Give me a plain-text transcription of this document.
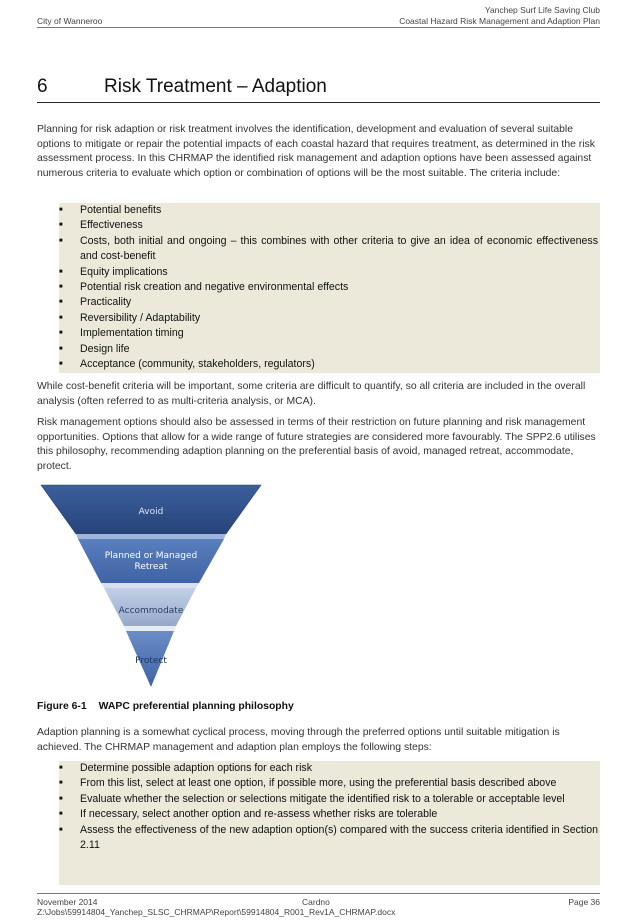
City of Wanneroo
Yanchep Surf Life Saving Club
Coastal Hazard Risk Management and Adaption Plan
6	Risk Treatment – Adaption
Planning for risk adaption or risk treatment involves the identification, development and evaluation of several suitable options to mitigate or repair the potential impacts of each coastal hazard that requires treatment, as determined in the risk assessment process. In this CHRMAP the identified risk management and adaption options have been assessed against numerous criteria to evaluate which option or combination of options will be the most suitable. The criteria include:
■ Potential benefits
■ Effectiveness
■ Costs, both initial and ongoing – this combines with other criteria to give an idea of economic effectiveness and cost-benefit
■ Equity implications
■ Potential risk creation and negative environmental effects
■ Practicality
■ Reversibility / Adaptability
■ Implementation timing
■ Design life
■ Acceptance (community, stakeholders, regulators)
While cost-benefit criteria will be important, some criteria are difficult to quantify, so all criteria are included in the overall analysis (often referred to as multi-criteria analysis, or MCA).
Risk management options should also be assessed in terms of their restriction on future planning and risk management opportunities. Options that allow for a wide range of future strategies are considered more favourably. The SPP2.6 utilises this philosophy, recommending adaption planning on the preferential basis of avoid, managed retreat, accommodate, protect.
Avoid
Planned or Managed
Retreat
Accommodate
Protect
Figure 6-1 WAPC preferential planning philosophy
Adaption planning is a somewhat cyclical process, moving through the preferred options until suitable mitigation is achieved. The CHRMAP management and adaption plan employs the following steps:
■ Determine possible adaption options for each risk
■ From this list, select at least one option, if possible more, using the preferential basis described above
■ Evaluate whether the selection or selections mitigate the identified risk to a tolerable or acceptable level
■ If necessary, select another option and re-assess whether risks are tolerable
■ Assess the effectiveness of the new adaption option(s) compared with the success criteria identified in Section 2.11
November 2014	Cardno	Page 36
Z:\Jobs\59914804_Yanchep_SLSC_CHRMAP\Report\59914804_R001_Rev1A_CHRMAP.docx
